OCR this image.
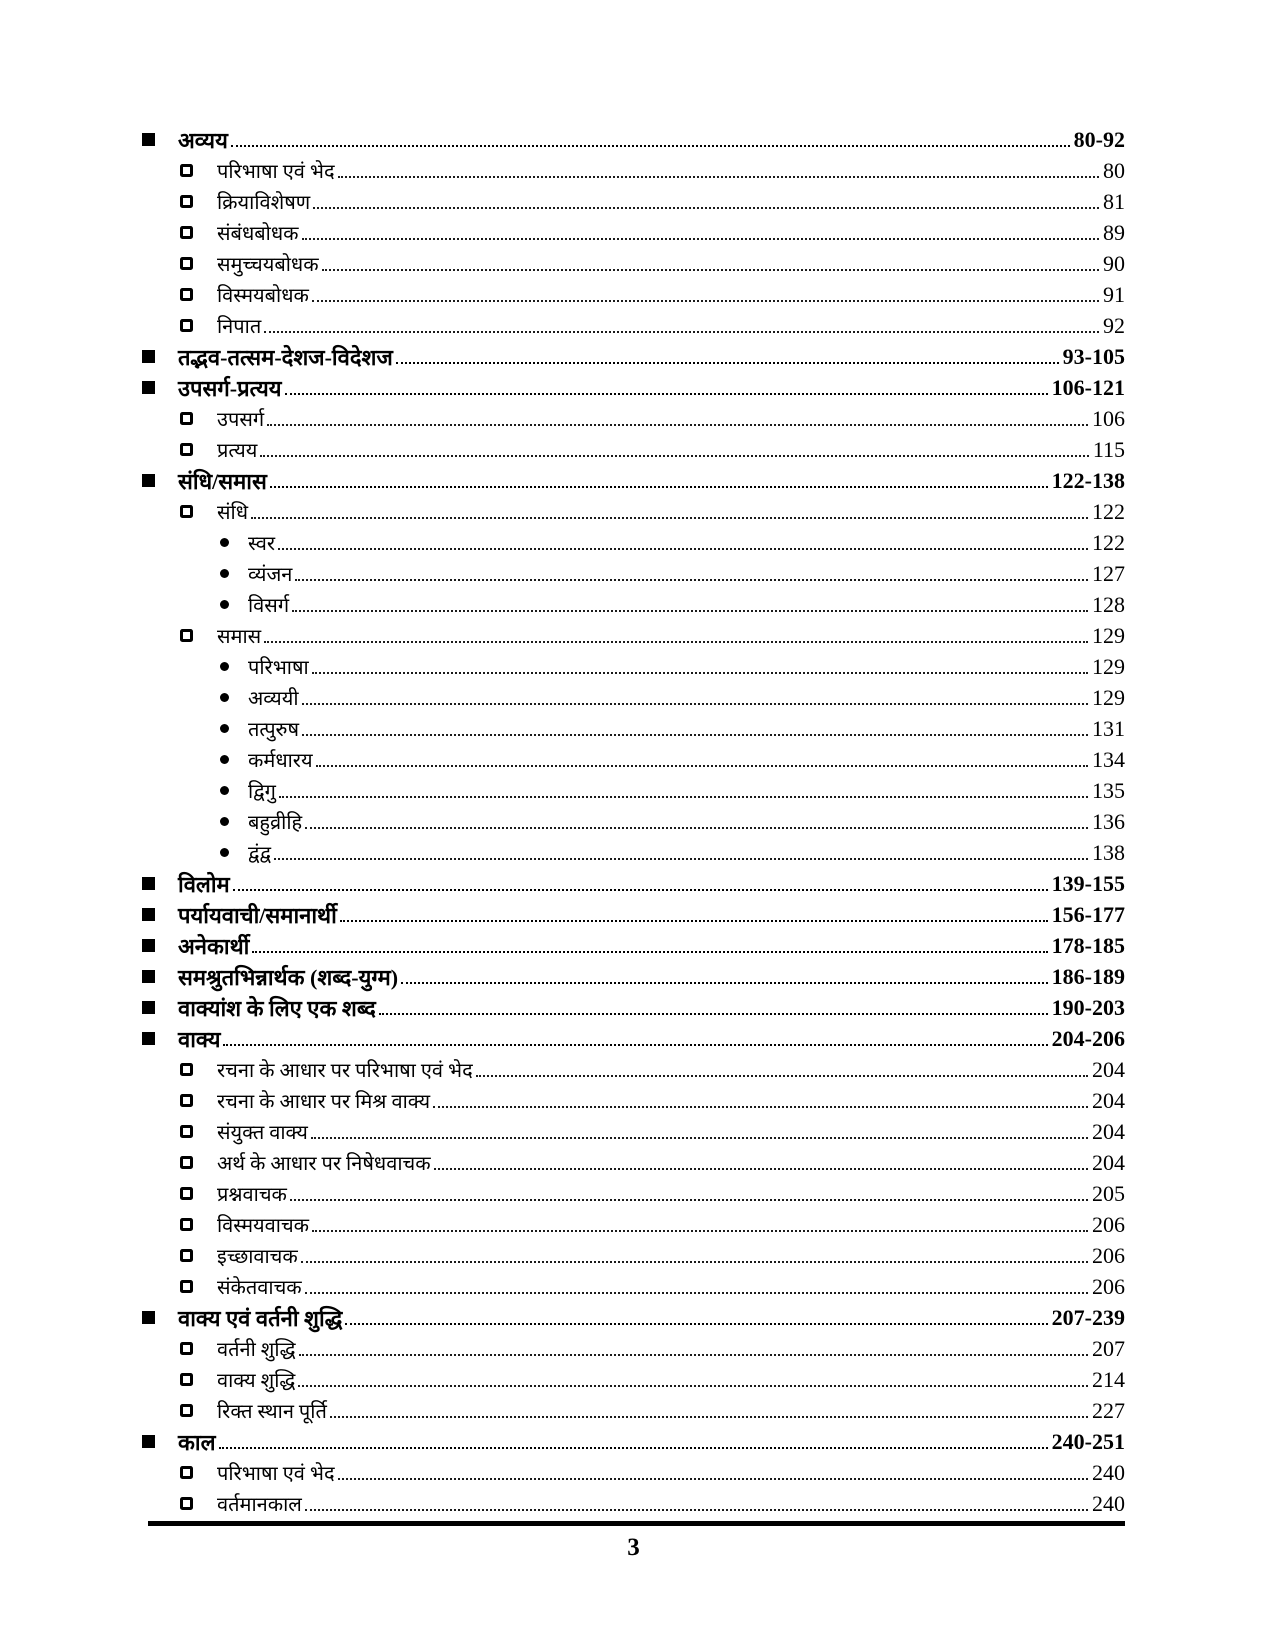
अव्यय	80-92
परिभाषा एवं भेद	80
क्रियाविशेषण	81
संबंधबोधक	89
समुच्चयबोधक	90
विस्मयबोधक	91
निपात	92
तद्भव-तत्सम-देशज-विदेशज	93-105
उपसर्ग-प्रत्यय	106-121
उपसर्ग	106
प्रत्यय	115
संधि/समास	122-138
संधि	122
स्वर	122
व्यंजन	127
विसर्ग	128
समास	129
परिभाषा	129
अव्ययी	129
तत्पुरुष	131
कर्मधारय	134
द्विगु	135
बहुव्रीहि	136
द्वंद्व	138
विलोम	139-155
पर्यायवाची/समानार्थी	156-177
अनेकार्थी	178-185
समश्रुतभिन्नार्थक (शब्द-युग्म)	186-189
वाक्यांश के लिए एक शब्द	190-203
वाक्य	204-206
रचना के आधार पर परिभाषा एवं भेद	204
रचना के आधार पर मिश्र वाक्य	204
संयुक्त वाक्य	204
अर्थ के आधार पर निषेधवाचक	204
प्रश्नवाचक	205
विस्मयवाचक	206
इच्छावाचक	206
संकेतवाचक	206
वाक्य एवं वर्तनी शुद्धि	207-239
वर्तनी शुद्धि	207
वाक्य शुद्धि	214
रिक्त स्थान पूर्ति	227
काल	240-251
परिभाषा एवं भेद	240
वर्तमानकाल	240
3
